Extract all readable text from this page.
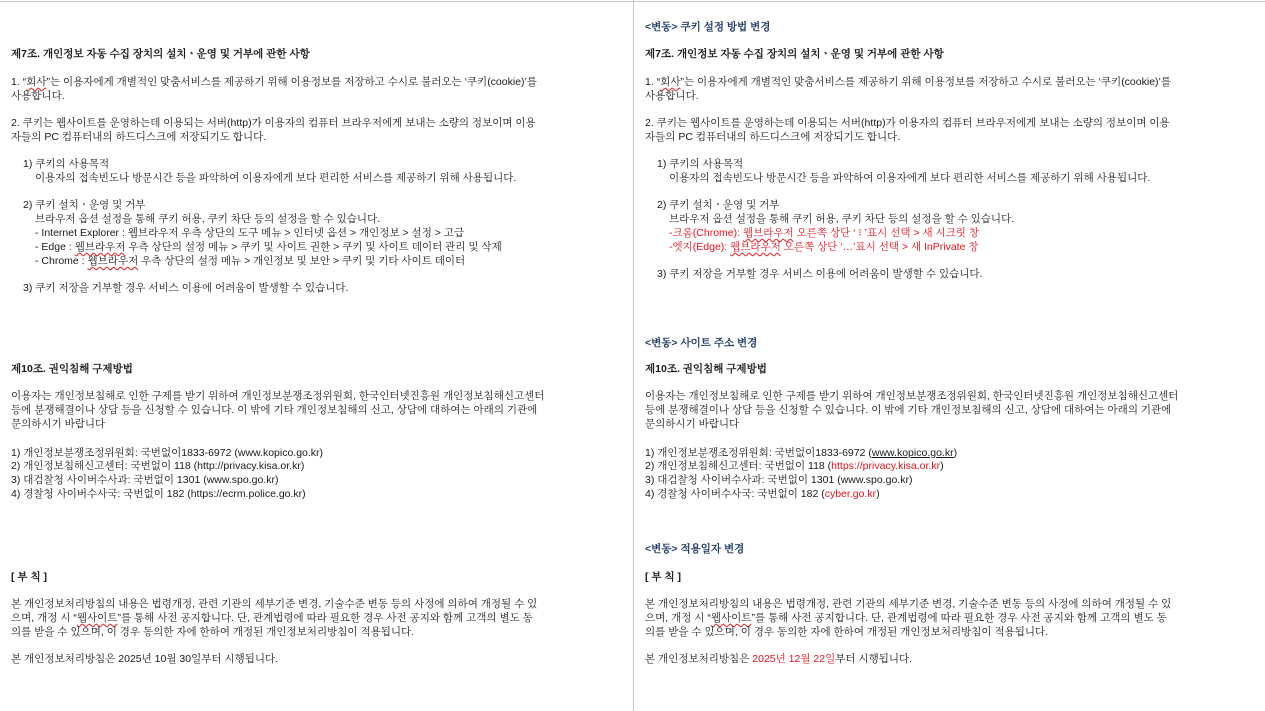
제7조. 개인정보 자동 수집 장치의 설치ㆍ운영 및 거부에 관한 사항
1. “회사”는 이용자에게 개별적인 맞춤서비스를 제공하기 위해 이용정보를 저장하고 수시로 불러오는 ‘쿠키(cookie)’를
사용합니다.
2. 쿠키는 웹사이트를 운영하는데 이용되는 서버(http)가 이용자의 컴퓨터 브라우저에게 보내는 소량의 정보이며 이용
자들의 PC 컴퓨터내의 하드디스크에 저장되기도 합니다.
1) 쿠키의 사용목적
이용자의 접속빈도나 방문시간 등을 파악하여 이용자에게 보다 편리한 서비스를 제공하기 위해 사용됩니다.
2) 쿠키 설치ㆍ운영 및 거부
브라우저 옵션 설정을 통해 쿠키 허용, 쿠키 차단 등의 설정을 할 수 있습니다.
- Internet Explorer : 웹브라우저 우측 상단의 도구 메뉴 > 인터넷 옵션 > 개인정보 > 설정 > 고급
- Edge : 웹브라우저 우측 상단의 설정 메뉴 > 쿠키 및 사이트 권한 > 쿠키 및 사이트 데이터 관리 및 삭제
- Chrome : 웹브라우저 우측 상단의 설정 메뉴 > 개인정보 및 보안 > 쿠키 및 기타 사이트 데이터
3) 쿠키 저장을 거부할 경우 서비스 이용에 어려움이 발생할 수 있습니다.
제10조. 권익침해 구제방법
이용자는 개인정보침해로 인한 구제를 받기 위하여 개인정보분쟁조정위원회, 한국인터넷진흥원 개인정보침해신고센터
등에 분쟁해결이나 상담 등을 신청할 수 있습니다. 이 밖에 기타 개인정보침해의 신고, 상담에 대하여는 아래의 기관에
문의하시기 바랍니다
1) 개인정보분쟁조정위원회: 국번없이1833-6972 (www.kopico.go.kr)
2) 개인정보침해신고센터: 국번없이 118 (http://privacy.kisa.or.kr)
3) 대검찰청 사이버수사과: 국번없이 1301 (www.spo.go.kr)
4) 경찰청 사이버수사국: 국번없이 182 (https://ecrm.police.go.kr)
[ 부 칙 ]
본 개인정보처리방침의 내용은 법령개정, 관련 기관의 세부기준 변경, 기술수준 변동 등의 사정에 의하여 개정될 수 있
으며, 개정 시 “웹사이트”를 통해 사전 공지합니다. 단, 관계법령에 따라 필요한 경우 사전 공지와 함께 고객의 별도 동
의를 받을 수 있으며, 이 경우 동의한 자에 한하여 개정된 개인정보처리방침이 적용됩니다.
본 개인정보처리방침은 2025년 10월 30일부터 시행됩니다.
<변동> 쿠키 설정 방법 변경
제7조. 개인정보 자동 수집 장치의 설치ㆍ운영 및 거부에 관한 사항
1. “회사”는 이용자에게 개별적인 맞춤서비스를 제공하기 위해 이용정보를 저장하고 수시로 불러오는 ‘쿠키(cookie)’를
사용합니다.
2. 쿠키는 웹사이트를 운영하는데 이용되는 서버(http)가 이용자의 컴퓨터 브라우저에게 보내는 소량의 정보이며 이용
자들의 PC 컴퓨터내의 하드디스크에 저장되기도 합니다.
1) 쿠키의 사용목적
이용자의 접속빈도나 방문시간 등을 파악하여 이용자에게 보다 편리한 서비스를 제공하기 위해 사용됩니다.
2) 쿠키 설치ㆍ운영 및 거부
브라우저 옵션 설정을 통해 쿠키 허용, 쿠키 차단 등의 설정을 할 수 있습니다.
-크롬(Chrome): 웹브라우저 오른쪽 상단 ‘ ⁝ ’표시 선택 > 새 시크릿 창
-엣지(Edge): 웹브라우저 오른쪽 상단 ‘…’표시 선택 > 새 InPrivate 창
3) 쿠키 저장을 거부할 경우 서비스 이용에 어려움이 발생할 수 있습니다.
<변동> 사이트 주소 변경
제10조. 권익침해 구제방법
이용자는 개인정보침해로 인한 구제를 받기 위하여 개인정보분쟁조정위원회, 한국인터넷진흥원 개인정보침해신고센터
등에 분쟁해결이나 상담 등을 신청할 수 있습니다. 이 밖에 기타 개인정보침해의 신고, 상담에 대하여는 아래의 기관에
문의하시기 바랍니다
1) 개인정보분쟁조정위원회: 국번없이1833-6972 (www.kopico.go.kr)
2) 개인정보침해신고센터: 국번없이 118 (https://privacy.kisa.or.kr)
3) 대검찰청 사이버수사과: 국번없이 1301 (www.spo.go.kr)
4) 경찰청 사이버수사국: 국번없이 182 (cyber.go.kr)
<변동> 적용일자 변경
[ 부 칙 ]
본 개인정보처리방침의 내용은 법령개정, 관련 기관의 세부기준 변경, 기술수준 변동 등의 사정에 의하여 개정될 수 있
으며, 개정 시 “웹사이트”를 통해 사전 공지합니다. 단, 관계법령에 따라 필요한 경우 사전 공지와 함께 고객의 별도 동
의를 받을 수 있으며, 이 경우 동의한 자에 한하여 개정된 개인정보처리방침이 적용됩니다.
본 개인정보처리방침은 2025년 12월 22일부터 시행됩니다.
